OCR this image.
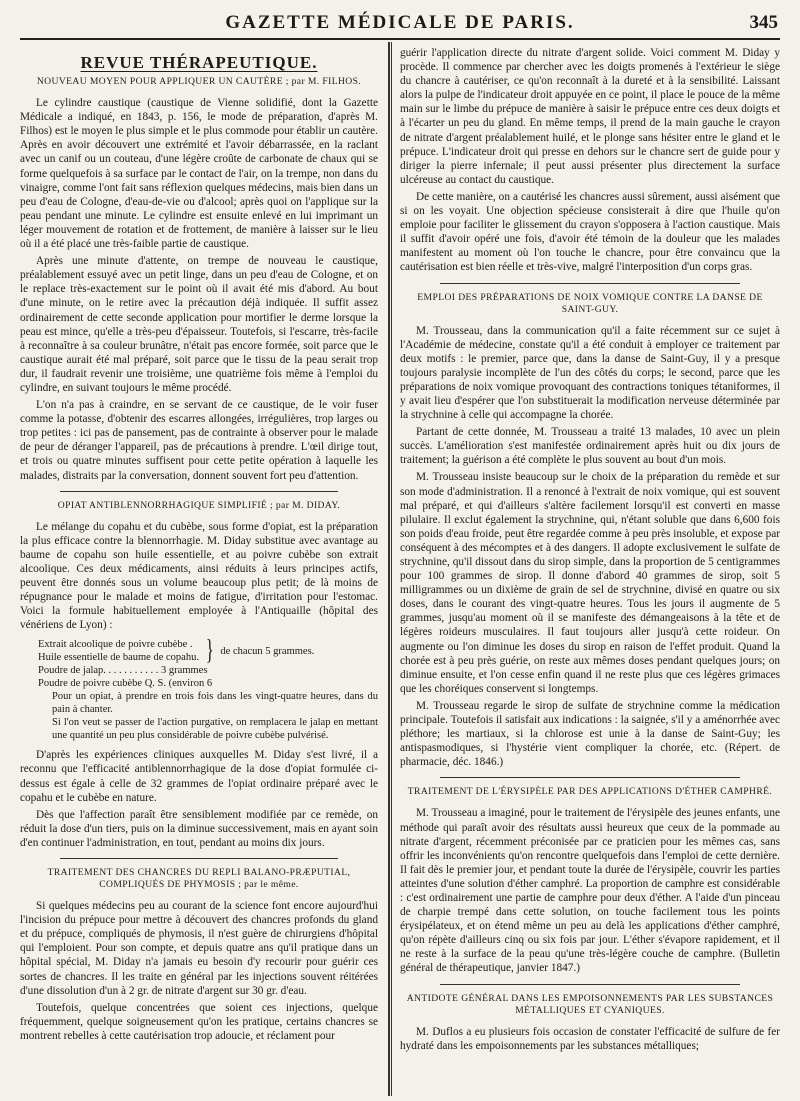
GAZETTE MÉDICALE DE PARIS.	345
REVUE THÉRAPEUTIQUE.
NOUVEAU MOYEN POUR APPLIQUER UN CAUTÈRE ; par M. FILHOS.

Le cylindre caustique (caustique de Vienne solidifié, dont la Gazette Médicale a indiqué, en 1843, p. 156, le mode de préparation, d'après M. Filhos) est le moyen le plus simple et le plus commode pour établir un cautère. Après en avoir découvert une extrémité et l'avoir débarrassée, en la raclant avec un canif ou un couteau, d'une légère croûte de carbonate de chaux qui se forme quelquefois à sa surface par le contact de l'air, on la trempe, non dans du vinaigre, comme l'ont fait sans réflexion quelques médecins, mais bien dans un peu d'eau de Cologne, d'eau-de-vie ou d'alcool; après quoi on l'applique sur la peau pendant une minute. Le cylindre est ensuite enlevé en lui imprimant un léger mouvement de rotation et de frottement, de manière à laisser sur le lieu où il a été placé une très-faible partie de caustique.

Après une minute d'attente, on trempe de nouveau le caustique, préalablement essuyé avec un petit linge, dans un peu d'eau de Cologne, et on le replace très-exactement sur le point où il avait été mis d'abord. Au bout d'une minute, on le retire avec la précaution déjà indiquée. Il suffit assez ordinairement de cette seconde application pour mortifier le derme lorsque la peau est mince, qu'elle a très-peu d'épaisseur. Toutefois, si l'escarre, très-facile à reconnaître à sa couleur brunâtre, n'était pas encore formée, soit parce que le caustique aurait été mal préparé, soit parce que le tissu de la peau serait trop dur, il faudrait revenir une troisième, une quatrième fois même à l'emploi du cylindre, en suivant toujours le même procédé.

L'on n'a pas à craindre, en se servant de ce caustique, de le voir fuser comme la potasse, d'obtenir des escarres allongées, irrégulières, trop larges ou trop petites : ici pas de pansement, pas de contrainte à observer pour le malade de peur de déranger l'appareil, pas de précautions à prendre. L'œil dirige tout, et trois ou quatre minutes suffisent pour cette petite opération à laquelle les malades, distraits par la conversation, donnent souvent fort peu d'attention.

OPIAT ANTIBLENNORRHAGIQUE SIMPLIFIÉ ; par M. DIDAY.

Le mélange du copahu et du cubèbe, sous forme d'opiat, est la préparation la plus efficace contre la blennorrhagie. M. Diday substitue avec avantage au baume de copahu son huile essentielle, et au poivre cubèbe son extrait alcoolique. Ces deux médicaments, ainsi réduits à leurs principes actifs, peuvent être donnés sous un volume beaucoup plus petit; de là moins de répugnance pour le malade et moins de fatigue, d'irritation pour l'estomac. Voici la formule habituellement employée à l'Antiquaille (hôpital des vénériens de Lyon) :

Extrait alcoolique de poivre cubèbe .
Huile essentielle de baume de copahu. } de chacun 5 grammes.
Poudre de jalap. . . . . . . . . . . 3 grammes
Poudre de poivre cubèbe Q. S. (environ 6
Pour un opiat, à prendre en trois fois dans les vingt-quatre heures, dans du pain à chanter.
Si l'on veut se passer de l'action purgative, on remplacera le jalap en mettant une quantité un peu plus considérable de poivre cubèbe pulvérisé.

D'après les expériences cliniques auxquelles M. Diday s'est livré, il a reconnu que l'efficacité antiblennorrhagique de la dose d'opiat formulée ci-dessus est égale à celle de 32 grammes de l'opiat ordinaire préparé avec le copahu et le cubèbe en nature.

Dès que l'affection paraît être sensiblement modifiée par ce remède, on réduit la dose d'un tiers, puis on la diminue successivement, mais en ayant soin d'en continuer l'administration, en tout, pendant au moins dix jours.

TRAITEMENT DES CHANCRES DU REPLI BALANO-PRÆPUTIAL, COMPLIQUÉS DE PHYMOSIS ; par le même.

Si quelques médecins peu au courant de la science font encore aujourd'hui l'incision du prépuce pour mettre à découvert des chancres profonds du gland et du prépuce, compliqués de phymosis, il n'est guère de chirurgiens d'hôpital qui l'emploient. Pour son compte, et depuis quatre ans qu'il pratique dans un hôpital spécial, M. Diday n'a jamais eu besoin d'y recourir pour guérir ces sortes de chancres. Il les traite en général par les injections souvent réitérées d'une dissolution d'un à 2 gr. de nitrate d'argent sur 30 gr. d'eau.

Toutefois, quelque concentrées que soient ces injections, quelque fréquemment, quelque soigneusement qu'on les pratique, certains chancres se montrent rebelles à cette cautérisation trop adoucie, et réclament pour

guérir l'application directe du nitrate d'argent solide. Voici comment M. Diday y procède. Il commence par chercher avec les doigts promenés à l'extérieur le siège du chancre à cautériser, ce qu'on reconnaît à la dureté et à la sensibilité. Laissant alors la pulpe de l'indicateur droit appuyée en ce point, il place le pouce de la même main sur le limbe du prépuce de manière à saisir le prépuce entre ces deux doigts et à l'écarter un peu du gland. En même temps, il prend de la main gauche le crayon de nitrate d'argent préalablement huilé, et le plonge sans hésiter entre le gland et le prépuce. L'indicateur droit qui presse en dehors sur le chancre sert de guide pour y diriger la pierre infernale; il peut aussi présenter plus directement la surface ulcéreuse au contact du caustique.

De cette manière, on a cautérisé les chancres aussi sûrement, aussi aisément que si on les voyait. Une objection spécieuse consisterait à dire que l'huile qu'on emploie pour faciliter le glissement du crayon s'opposera à l'action caustique. Mais il suffit d'avoir opéré une fois, d'avoir été témoin de la douleur que les malades manifestent au moment où l'on touche le chancre, pour être convaincu que la cautérisation est bien réelle et très-vive, malgré l'interposition d'un corps gras.

EMPLOI DES PRÉPARATIONS DE NOIX VOMIQUE CONTRE LA DANSE DE SAINT-GUY.

M. Trousseau, dans la communication qu'il a faite récemment sur ce sujet à l'Académie de médecine, constate qu'il a été conduit à employer ce traitement par deux motifs : le premier, parce que, dans la danse de Saint-Guy, il y a presque toujours paralysie incomplète de l'un des côtés du corps; le second, parce que les préparations de noix vomique provoquant des contractions toniques tétaniformes, il y avait lieu d'espérer que l'on substituerait la modification nerveuse déterminée par la strychnine à celle qui accompagne la chorée.

Partant de cette donnée, M. Trousseau a traité 13 malades, 10 avec un plein succès. L'amélioration s'est manifestée ordinairement après huit ou dix jours de traitement; la guérison a été complète le plus souvent au bout d'un mois.

M. Trousseau insiste beaucoup sur le choix de la préparation du remède et sur son mode d'administration. Il a renoncé à l'extrait de noix vomique, qui est souvent mal préparé, et qui d'ailleurs s'altère facilement lorsqu'il est converti en masse pilulaire. Il exclut également la strychnine, qui, n'étant soluble que dans 6,600 fois son poids d'eau froide, peut être regardée comme à peu près insoluble, et expose par conséquent à des mécomptes et à des dangers. Il adopte exclusivement le sulfate de strychnine, qu'il dissout dans du sirop simple, dans la proportion de 5 centigrammes pour 100 grammes de sirop. Il donne d'abord 40 grammes de sirop, soit 5 milligrammes ou un dixième de grain de sel de strychnine, divisé en quatre ou six doses, dans le courant des vingt-quatre heures. Tous les jours il augmente de 5 grammes, jusqu'au moment où il se manifeste des démangeaisons à la tête et de légères roideurs musculaires. Il faut toujours aller jusqu'à cette roideur. On augmente ou l'on diminue les doses du sirop en raison de l'effet produit. Quand la chorée est à peu près guérie, on reste aux mêmes doses pendant quelques jours; on diminue ensuite, et l'on cesse enfin quand il ne reste plus que ces légères grimaces que les choréiques conservent si longtemps.

M. Trousseau regarde le sirop de sulfate de strychnine comme la médication principale. Toutefois il satisfait aux indications : la saignée, s'il y a aménorrhée avec pléthore; les martiaux, si la chlorose est unie à la danse de Saint-Guy; les antispasmodiques, si l'hystérie vient compliquer la chorée, etc. (Répert. de pharmacie, déc. 1846.)

TRAITEMENT DE L'ÉRYSIPÈLE PAR DES APPLICATIONS D'ÉTHER CAMPHRÉ.

M. Trousseau a imaginé, pour le traitement de l'érysipèle des jeunes enfants, une méthode qui paraît avoir des résultats aussi heureux que ceux de la pommade au nitrate d'argent, récemment préconisée par ce praticien pour les mêmes cas, sans offrir les inconvénients qu'on rencontre quelquefois dans l'emploi de cette dernière. Il fait dès le premier jour, et pendant toute la durée de l'érysipèle, couvrir les parties atteintes d'une solution d'éther camphré. La proportion de camphre est considérable : c'est ordinairement une partie de camphre pour deux d'éther. A l'aide d'un pinceau de charpie trempé dans cette solution, on touche facilement tous les points érysipélateux, et on étend même un peu au delà les applications d'éther camphré, qu'on répète d'ailleurs cinq ou six fois par jour. L'éther s'évapore rapidement, et il ne reste à la surface de la peau qu'une très-légère couche de camphre. (Bulletin général de thérapeutique, janvier 1847.)

ANTIDOTE GÉNÉRAL DANS LES EMPOISONNEMENTS PAR LES SUBSTANCES MÉTALLIQUES ET CYANIQUES.

M. Duflos a eu plusieurs fois occasion de constater l'efficacité de sulfure de fer hydraté dans les empoisonnements par les substances métalliques;
